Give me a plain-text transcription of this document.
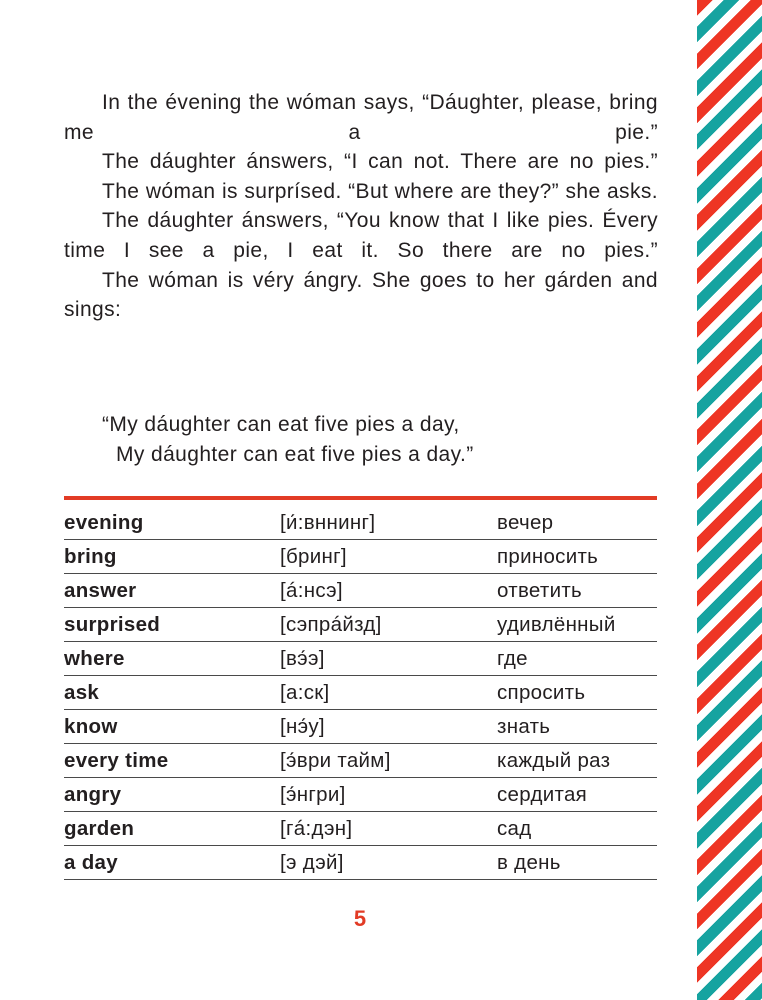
In the évening the wóman says, “Dáughter, please, bring me a pie.”

The dáughter ánswers, “I can not. There are no pies.”

The wóman is surprísed. “But where are they?” she asks.

The dáughter ánswers, “You know that I like pies. Évery time I see a pie, I eat it. So there are no pies.”

The wóman is véry ángry. She goes to her gárden and sings:

“My dáughter can eat five pies a day,
My dáughter can eat five pies a day.”
evening	[и́:вннинг]	вечер
bring	[бринг]	приносить
answer	[á:нсэ]	ответить
surprised	[сэпрáйзд]	удивлённый
where	[вэ́э]	где
ask	[а:ск]	спросить
know	[нэ́у]	знать
every time	[э́ври тайм]	каждый раз
angry	[э́нгри]	сердитая
garden	[гá:дэн]	сад
a day	[э дэй]	в день
5
